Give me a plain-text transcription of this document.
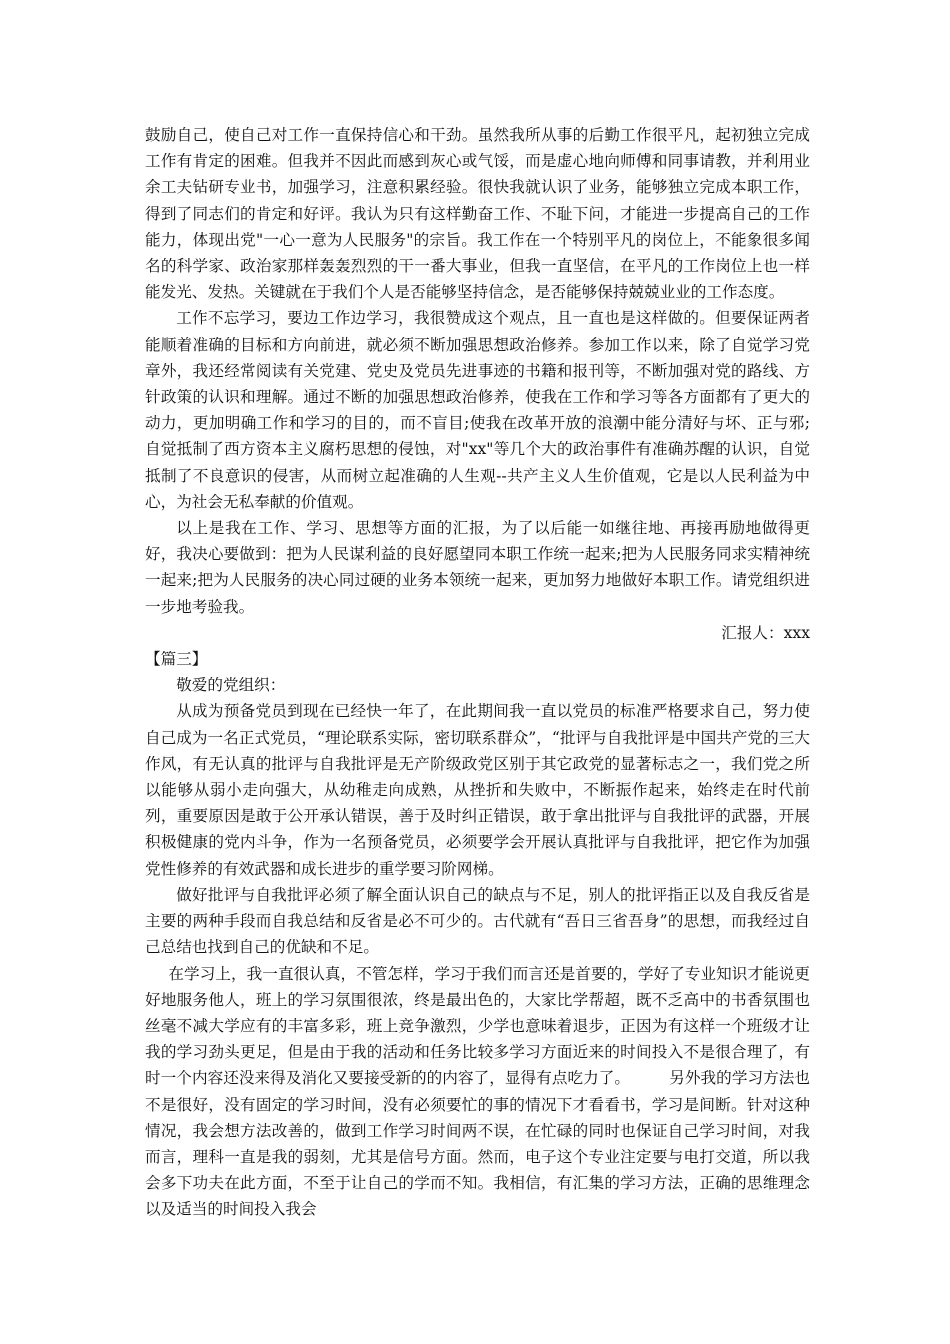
鼓励自己，使自己对工作一直保持信心和干劲。虽然我所从事的后勤工作很平凡，起初独立完成工作有肯定的困难。但我并不因此而感到灰心或气馁，而是虚心地向师傅和同事请教，并利用业余工夫钻研专业书，加强学习，注意积累经验。很快我就认识了业务，能够独立完成本职工作，得到了同志们的肯定和好评。我认为只有这样勤奋工作、不耻下问，才能进一步提高自己的工作能力，体现出党"一心一意为人民服务"的宗旨。我工作在一个特别平凡的岗位上，不能象很多闻名的科学家、政治家那样轰轰烈烈的干一番大事业，但我一直坚信，在平凡的工作岗位上也一样能发光、发热。关键就在于我们个人是否能够坚持信念，是否能够保持兢兢业业的工作态度。

工作不忘学习，要边工作边学习，我很赞成这个观点，且一直也是这样做的。但要保证两者能顺着准确的目标和方向前进，就必须不断加强思想政治修养。参加工作以来，除了自觉学习党章外，我还经常阅读有关党建、党史及党员先进事迹的书籍和报刊等，不断加强对党的路线、方针政策的认识和理解。通过不断的加强思想政治修养，使我在工作和学习等各方面都有了更大的动力，更加明确工作和学习的目的，而不盲目;使我在改革开放的浪潮中能分清好与坏、正与邪;自觉抵制了西方资本主义腐朽思想的侵蚀，对"xx"等几个大的政治事件有准确苏醒的认识，自觉抵制了不良意识的侵害，从而树立起准确的人生观--共产主义人生价值观，它是以人民利益为中心，为社会无私奉献的价值观。

以上是我在工作、学习、思想等方面的汇报，为了以后能一如继往地、再接再励地做得更好，我决心要做到：把为人民谋利益的良好愿望同本职工作统一起来;把为人民服务同求实精神统一起来;把为人民服务的决心同过硬的业务本领统一起来，更加努力地做好本职工作。请党组织进一步地考验我。

汇报人：xxx

【篇三】

敬爱的党组织：

从成为预备党员到现在已经快一年了，在此期间我一直以党员的标准严格要求自己，努力使自己成为一名正式党员，“理论联系实际，密切联系群众”，“批评与自我批评是中国共产党的三大作风，有无认真的批评与自我批评是无产阶级政党区别于其它政党的显著标志之一，我们党之所以能够从弱小走向强大，从幼稚走向成熟，从挫折和失败中，不断振作起来，始终走在时代前列，重要原因是敢于公开承认错误，善于及时纠正错误，敢于拿出批评与自我批评的武器，开展积极健康的党内斗争，作为一名预备党员，必须要学会开展认真批评与自我批评，把它作为加强党性修养的有效武器和成长进步的重学要习阶网梯。

做好批评与自我批评必须了解全面认识自己的缺点与不足，别人的批评指正以及自我反省是主要的两种手段而自我总结和反省是必不可少的。古代就有“吾日三省吾身”的思想，而我经过自己总结也找到自己的优缺和不足。

在学习上，我一直很认真，不管怎样，学习于我们而言还是首要的，学好了专业知识才能说更好地服务他人，班上的学习氛围很浓，终是最出色的，大家比学帮超，既不乏高中的书香氛围也丝毫不减大学应有的丰富多彩，班上竞争激烈，少学也意味着退步，正因为有这样一个班级才让我的学习劲头更足，但是由于我的活动和任务比较多学习方面近来的时间投入不是很合理了，有时一个内容还没来得及消化又要接受新的的内容了，显得有点吃力了。　　　另外我的学习方法也不是很好，没有固定的学习时间，没有必须要忙的事的情况下才看看书，学习是间断。针对这种情况，我会想方法改善的，做到工作学习时间两不误，在忙碌的同时也保证自己学习时间，对我而言，理科一直是我的弱刻，尤其是信号方面。然而，电子这个专业注定要与电打交道，所以我会多下功夫在此方面，不至于让自己的学而不知。我相信，有汇集的学习方法，正确的思维理念以及适当的时间投入我会
